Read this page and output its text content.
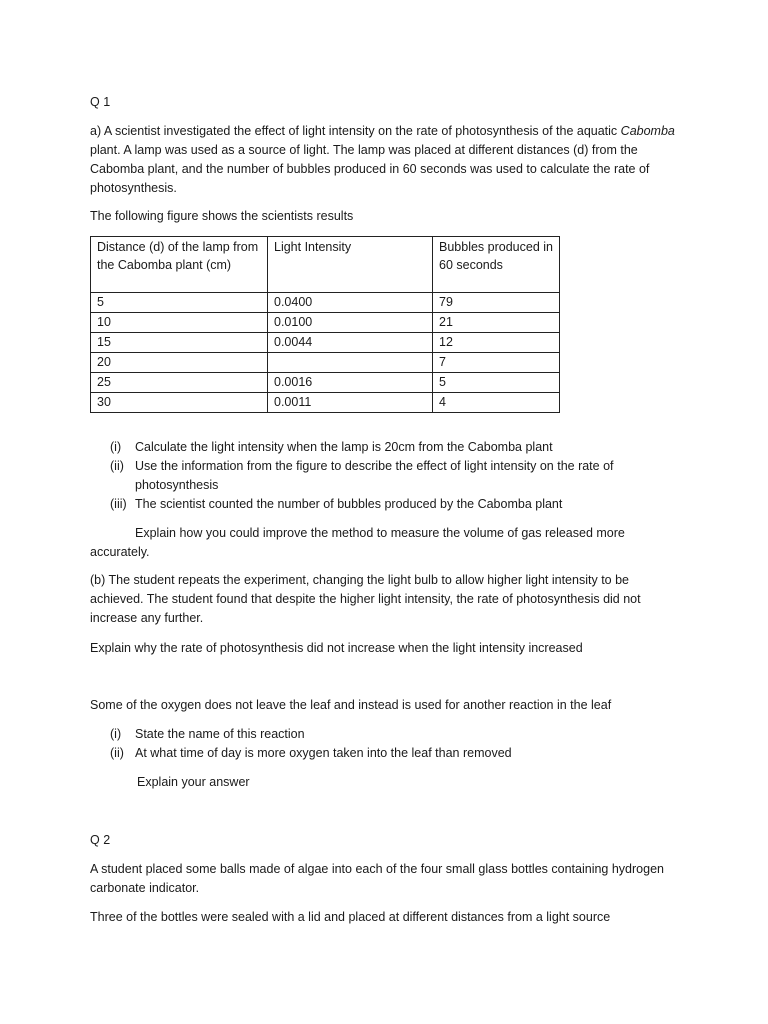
Q 1

a) A scientist investigated the effect of light intensity on the rate of photosynthesis of the aquatic Cabomba plant. A lamp was used as a source of light. The lamp was placed at different distances (d) from the Cabomba plant, and the number of bubbles produced in 60 seconds was used to calculate the rate of photosynthesis.

The following figure shows the scientists results

Distance (d) of the lamp from the Cabomba plant (cm)	Light Intensity	Bubbles produced in 60 seconds
5	0.0400	79
10	0.0100	21
15	0.0044	12
20		7
25	0.0016	5
30	0.0011	4
(i)	Calculate the light intensity when the lamp is 20cm from the Cabomba plant
(ii) Use the information from the figure to describe the effect of light intensity on the rate of photosynthesis
(iii) The scientist counted the number of bubbles produced by the Cabomba plant

Explain how you could improve the method to measure the volume of gas released more accurately.

(b) The student repeats the experiment, changing the light bulb to allow higher light intensity to be achieved. The student found that despite the higher light intensity, the rate of photosynthesis did not increase any further.

Explain why the rate of photosynthesis did not increase when the light intensity increased

Some of the oxygen does not leave the leaf and instead is used for another reaction in the leaf

(i)	State the name of this reaction
(ii) At what time of day is more oxygen taken into the leaf than removed

Explain your answer

Q 2

A student placed some balls made of algae into each of the four small glass bottles containing hydrogen carbonate indicator.

Three of the bottles were sealed with a lid and placed at different distances from a light source
